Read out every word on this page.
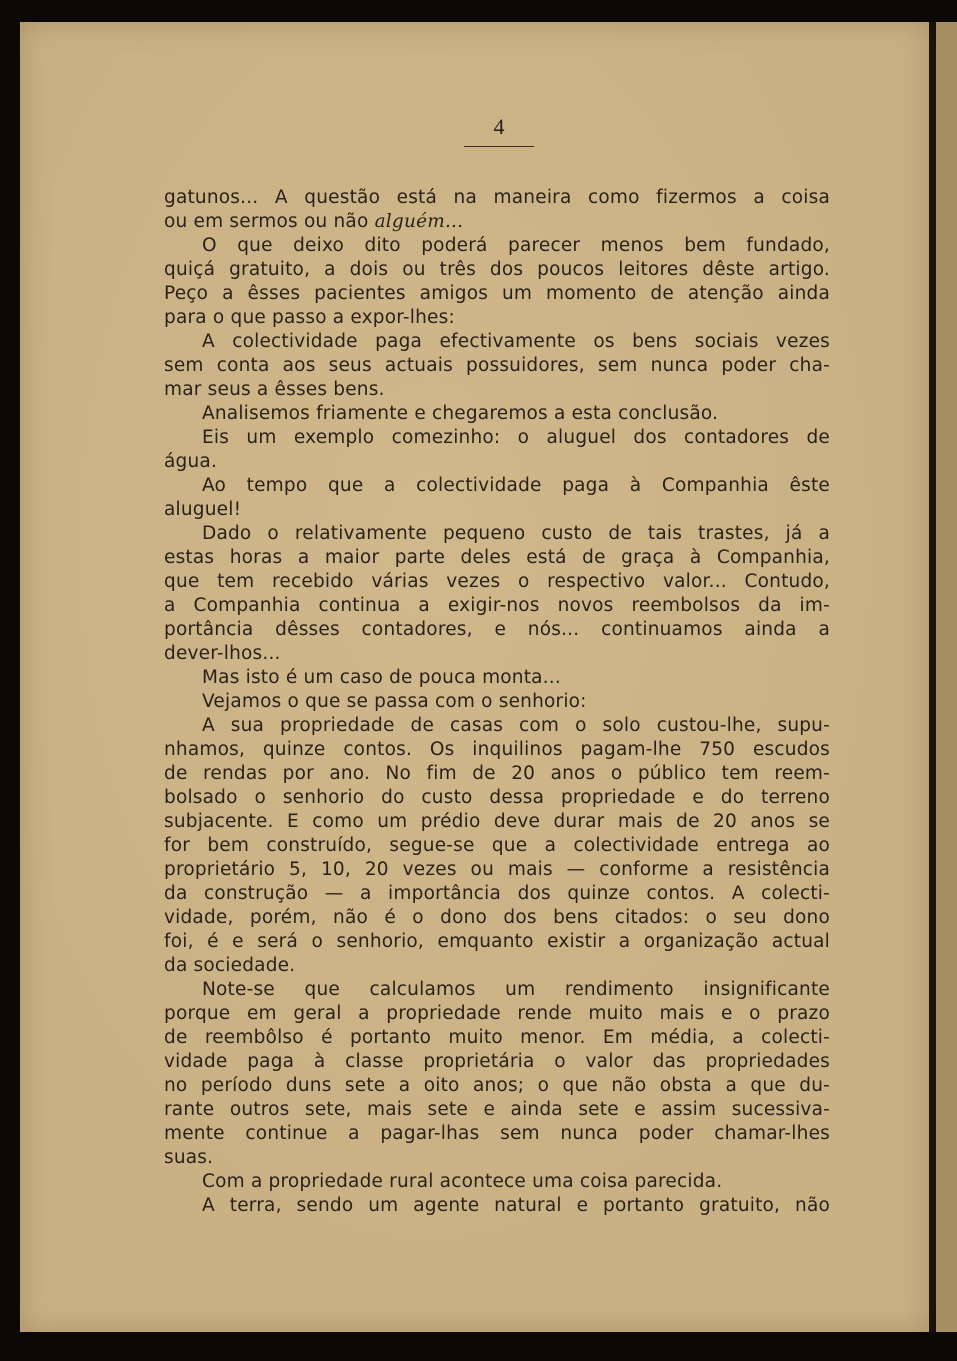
4
gatunos... A questão está na maneira como fizermos a coisa
ou em sermos ou não alguém...
O que deixo dito poderá parecer menos bem fundado,
quiçá gratuito, a dois ou três dos poucos leitores dêste artigo.
Peço a êsses pacientes amigos um momento de atenção ainda
para o que passo a expor-lhes:
A colectividade paga efectivamente os bens sociais vezes
sem conta aos seus actuais possuidores, sem nunca poder cha-
mar seus a êsses bens.
Analisemos friamente e chegaremos a esta conclusão.
Eis um exemplo comezinho: o aluguel dos contadores de
água.
Ao tempo que a colectividade paga à Companhia êste
aluguel!
Dado o relativamente pequeno custo de tais trastes, já a
estas horas a maior parte deles está de graça à Companhia,
que tem recebido várias vezes o respectivo valor... Contudo,
a Companhia continua a exigir-nos novos reembolsos da im-
portância dêsses contadores, e nós... continuamos ainda a
dever-lhos...
Mas isto é um caso de pouca monta...
Vejamos o que se passa com o senhorio:
A sua propriedade de casas com o solo custou-lhe, supu-
nhamos, quinze contos. Os inquilinos pagam-lhe 750 escudos
de rendas por ano. No fim de 20 anos o público tem reem-
bolsado o senhorio do custo dessa propriedade e do terreno
subjacente. E como um prédio deve durar mais de 20 anos se
for bem construído, segue-se que a colectividade entrega ao
proprietário 5, 10, 20 vezes ou mais — conforme a resistência
da construção — a importância dos quinze contos. A colecti-
vidade, porém, não é o dono dos bens citados: o seu dono
foi, é e será o senhorio, emquanto existir a organização actual
da sociedade.
Note-se que calculamos um rendimento insignificante
porque em geral a propriedade rende muito mais e o prazo
de reembôlso é portanto muito menor. Em média, a colecti-
vidade paga à classe proprietária o valor das propriedades
no período duns sete a oito anos; o que não obsta a que du-
rante outros sete, mais sete e ainda sete e assim sucessiva-
mente continue a pagar-lhas sem nunca poder chamar-lhes
suas.
Com a propriedade rural acontece uma coisa parecida.
A terra, sendo um agente natural e portanto gratuito, não
